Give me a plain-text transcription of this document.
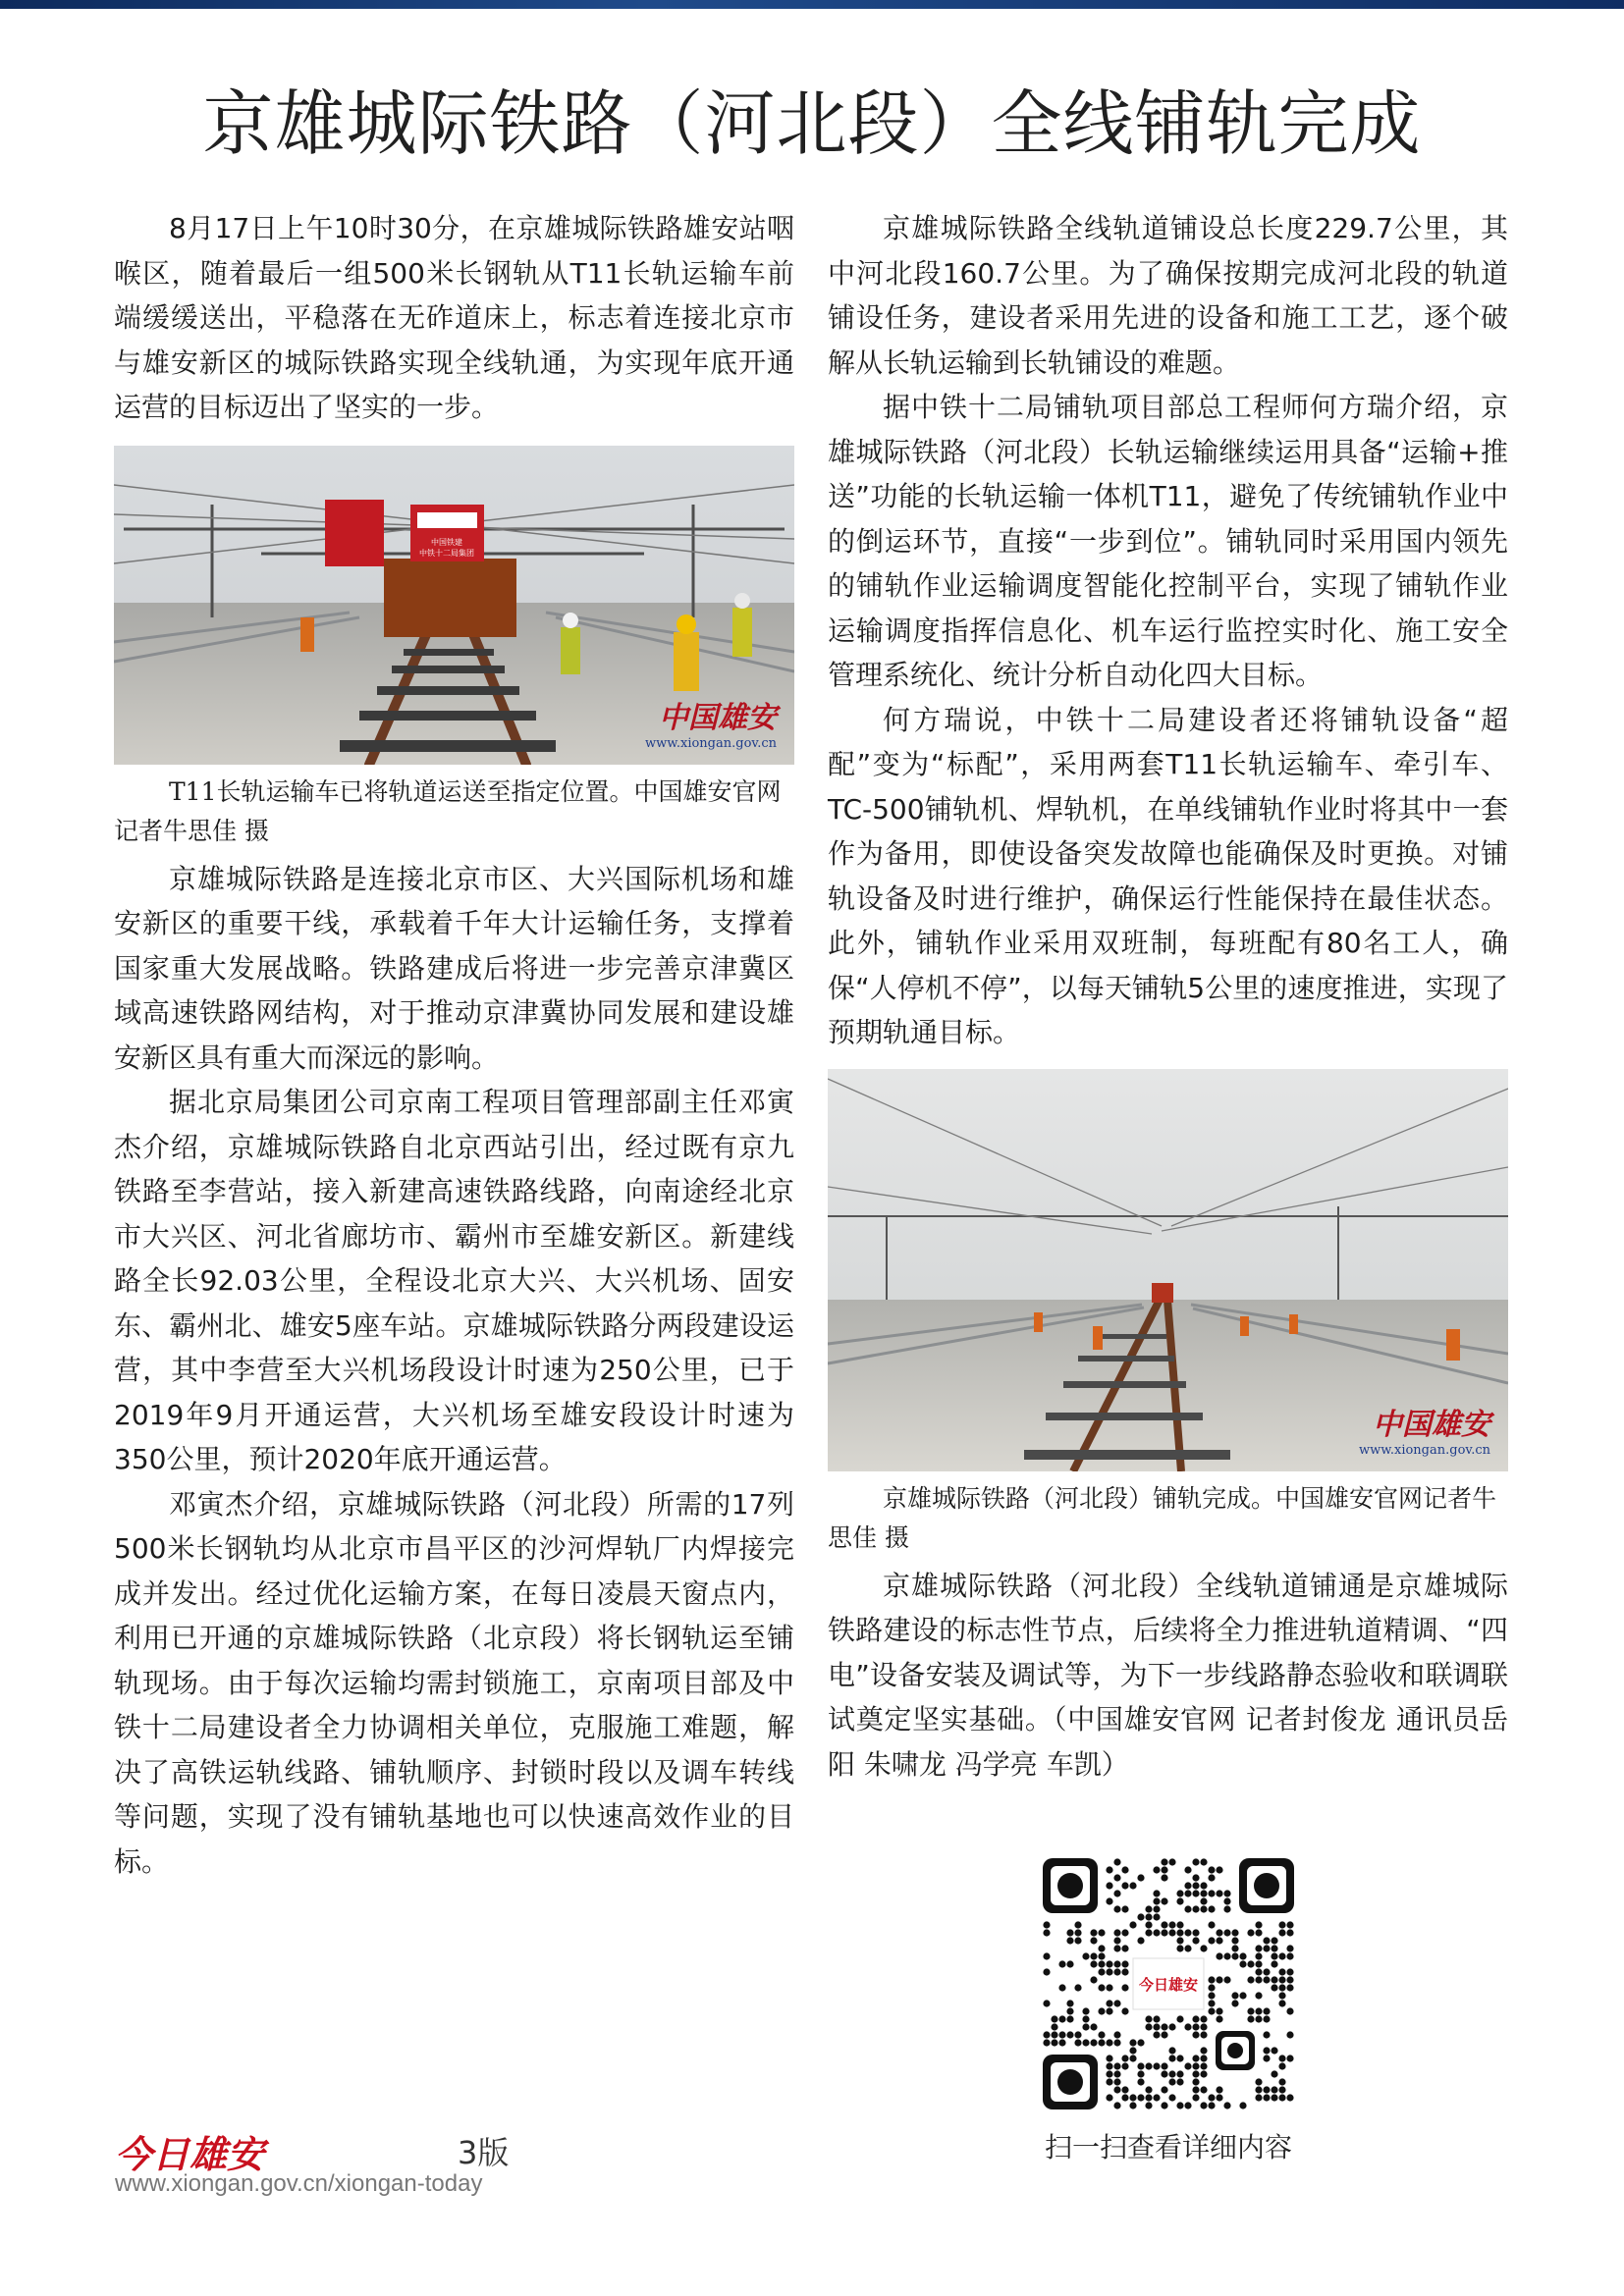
京雄城际铁路（河北段）全线铺轨完成

8月17日上午10时30分，在京雄城际铁路雄安站咽喉区，随着最后一组500米长钢轨从T11长轨运输车前端缓缓送出，平稳落在无砟道床上，标志着连接北京市与雄安新区的城际铁路实现全线轨通，为实现年底开通运营的目标迈出了坚实的一步。

中国铁建
中铁十二局集团
中国雄安
www.xiongan.gov.cn

T11长轨运输车已将轨道运送至指定位置。中国雄安官网记者牛思佳 摄

京雄城际铁路是连接北京市区、大兴国际机场和雄安新区的重要干线，承载着千年大计运输任务，支撑着国家重大发展战略。铁路建成后将进一步完善京津冀区域高速铁路网结构，对于推动京津冀协同发展和建设雄安新区具有重大而深远的影响。

据北京局集团公司京南工程项目管理部副主任邓寅杰介绍，京雄城际铁路自北京西站引出，经过既有京九铁路至李营站，接入新建高速铁路线路，向南途经北京市大兴区、河北省廊坊市、霸州市至雄安新区。新建线路全长92.03公里，全程设北京大兴、大兴机场、固安东、霸州北、雄安5座车站。京雄城际铁路分两段建设运营，其中李营至大兴机场段设计时速为250公里，已于2019年9月开通运营，大兴机场至雄安段设计时速为350公里，预计2020年底开通运营。

邓寅杰介绍，京雄城际铁路（河北段）所需的17列500米长钢轨均从北京市昌平区的沙河焊轨厂内焊接完成并发出。经过优化运输方案，在每日凌晨天窗点内，利用已开通的京雄城际铁路（北京段）将长钢轨运至铺轨现场。由于每次运输均需封锁施工，京南项目部及中铁十二局建设者全力协调相关单位，克服施工难题，解决了高铁运轨线路、铺轨顺序、封锁时段以及调车转线等问题，实现了没有铺轨基地也可以快速高效作业的目标。

京雄城际铁路全线轨道铺设总长度229.7公里，其中河北段160.7公里。为了确保按期完成河北段的轨道铺设任务，建设者采用先进的设备和施工工艺，逐个破解从长轨运输到长轨铺设的难题。

据中铁十二局铺轨项目部总工程师何方瑞介绍，京雄城际铁路（河北段）长轨运输继续运用具备“运输+推送”功能的长轨运输一体机T11，避免了传统铺轨作业中的倒运环节，直接“一步到位”。铺轨同时采用国内领先的铺轨作业运输调度智能化控制平台，实现了铺轨作业运输调度指挥信息化、机车运行监控实时化、施工安全管理系统化、统计分析自动化四大目标。

何方瑞说，中铁十二局建设者还将铺轨设备“超配”变为“标配”，采用两套T11长轨运输车、牵引车、TC-500铺轨机、焊轨机，在单线铺轨作业时将其中一套作为备用，即使设备突发故障也能确保及时更换。对铺轨设备及时进行维护，确保运行性能保持在最佳状态。此外，铺轨作业采用双班制，每班配有80名工人，确保“人停机不停”，以每天铺轨5公里的速度推进，实现了预期轨通目标。

中国雄安
www.xiongan.gov.cn

京雄城际铁路（河北段）铺轨完成。中国雄安官网记者牛思佳 摄

京雄城际铁路（河北段）全线轨道铺通是京雄城际铁路建设的标志性节点，后续将全力推进轨道精调、“四电”设备安装及调试等，为下一步线路静态验收和联调联试奠定坚实基础。（中国雄安官网 记者封俊龙 通讯员岳阳 朱啸龙 冯学亮 车凯）

今日雄安	3版
www.xiongan.gov.cn/xiongan-today
今日雄安
扫一扫查看详细内容
